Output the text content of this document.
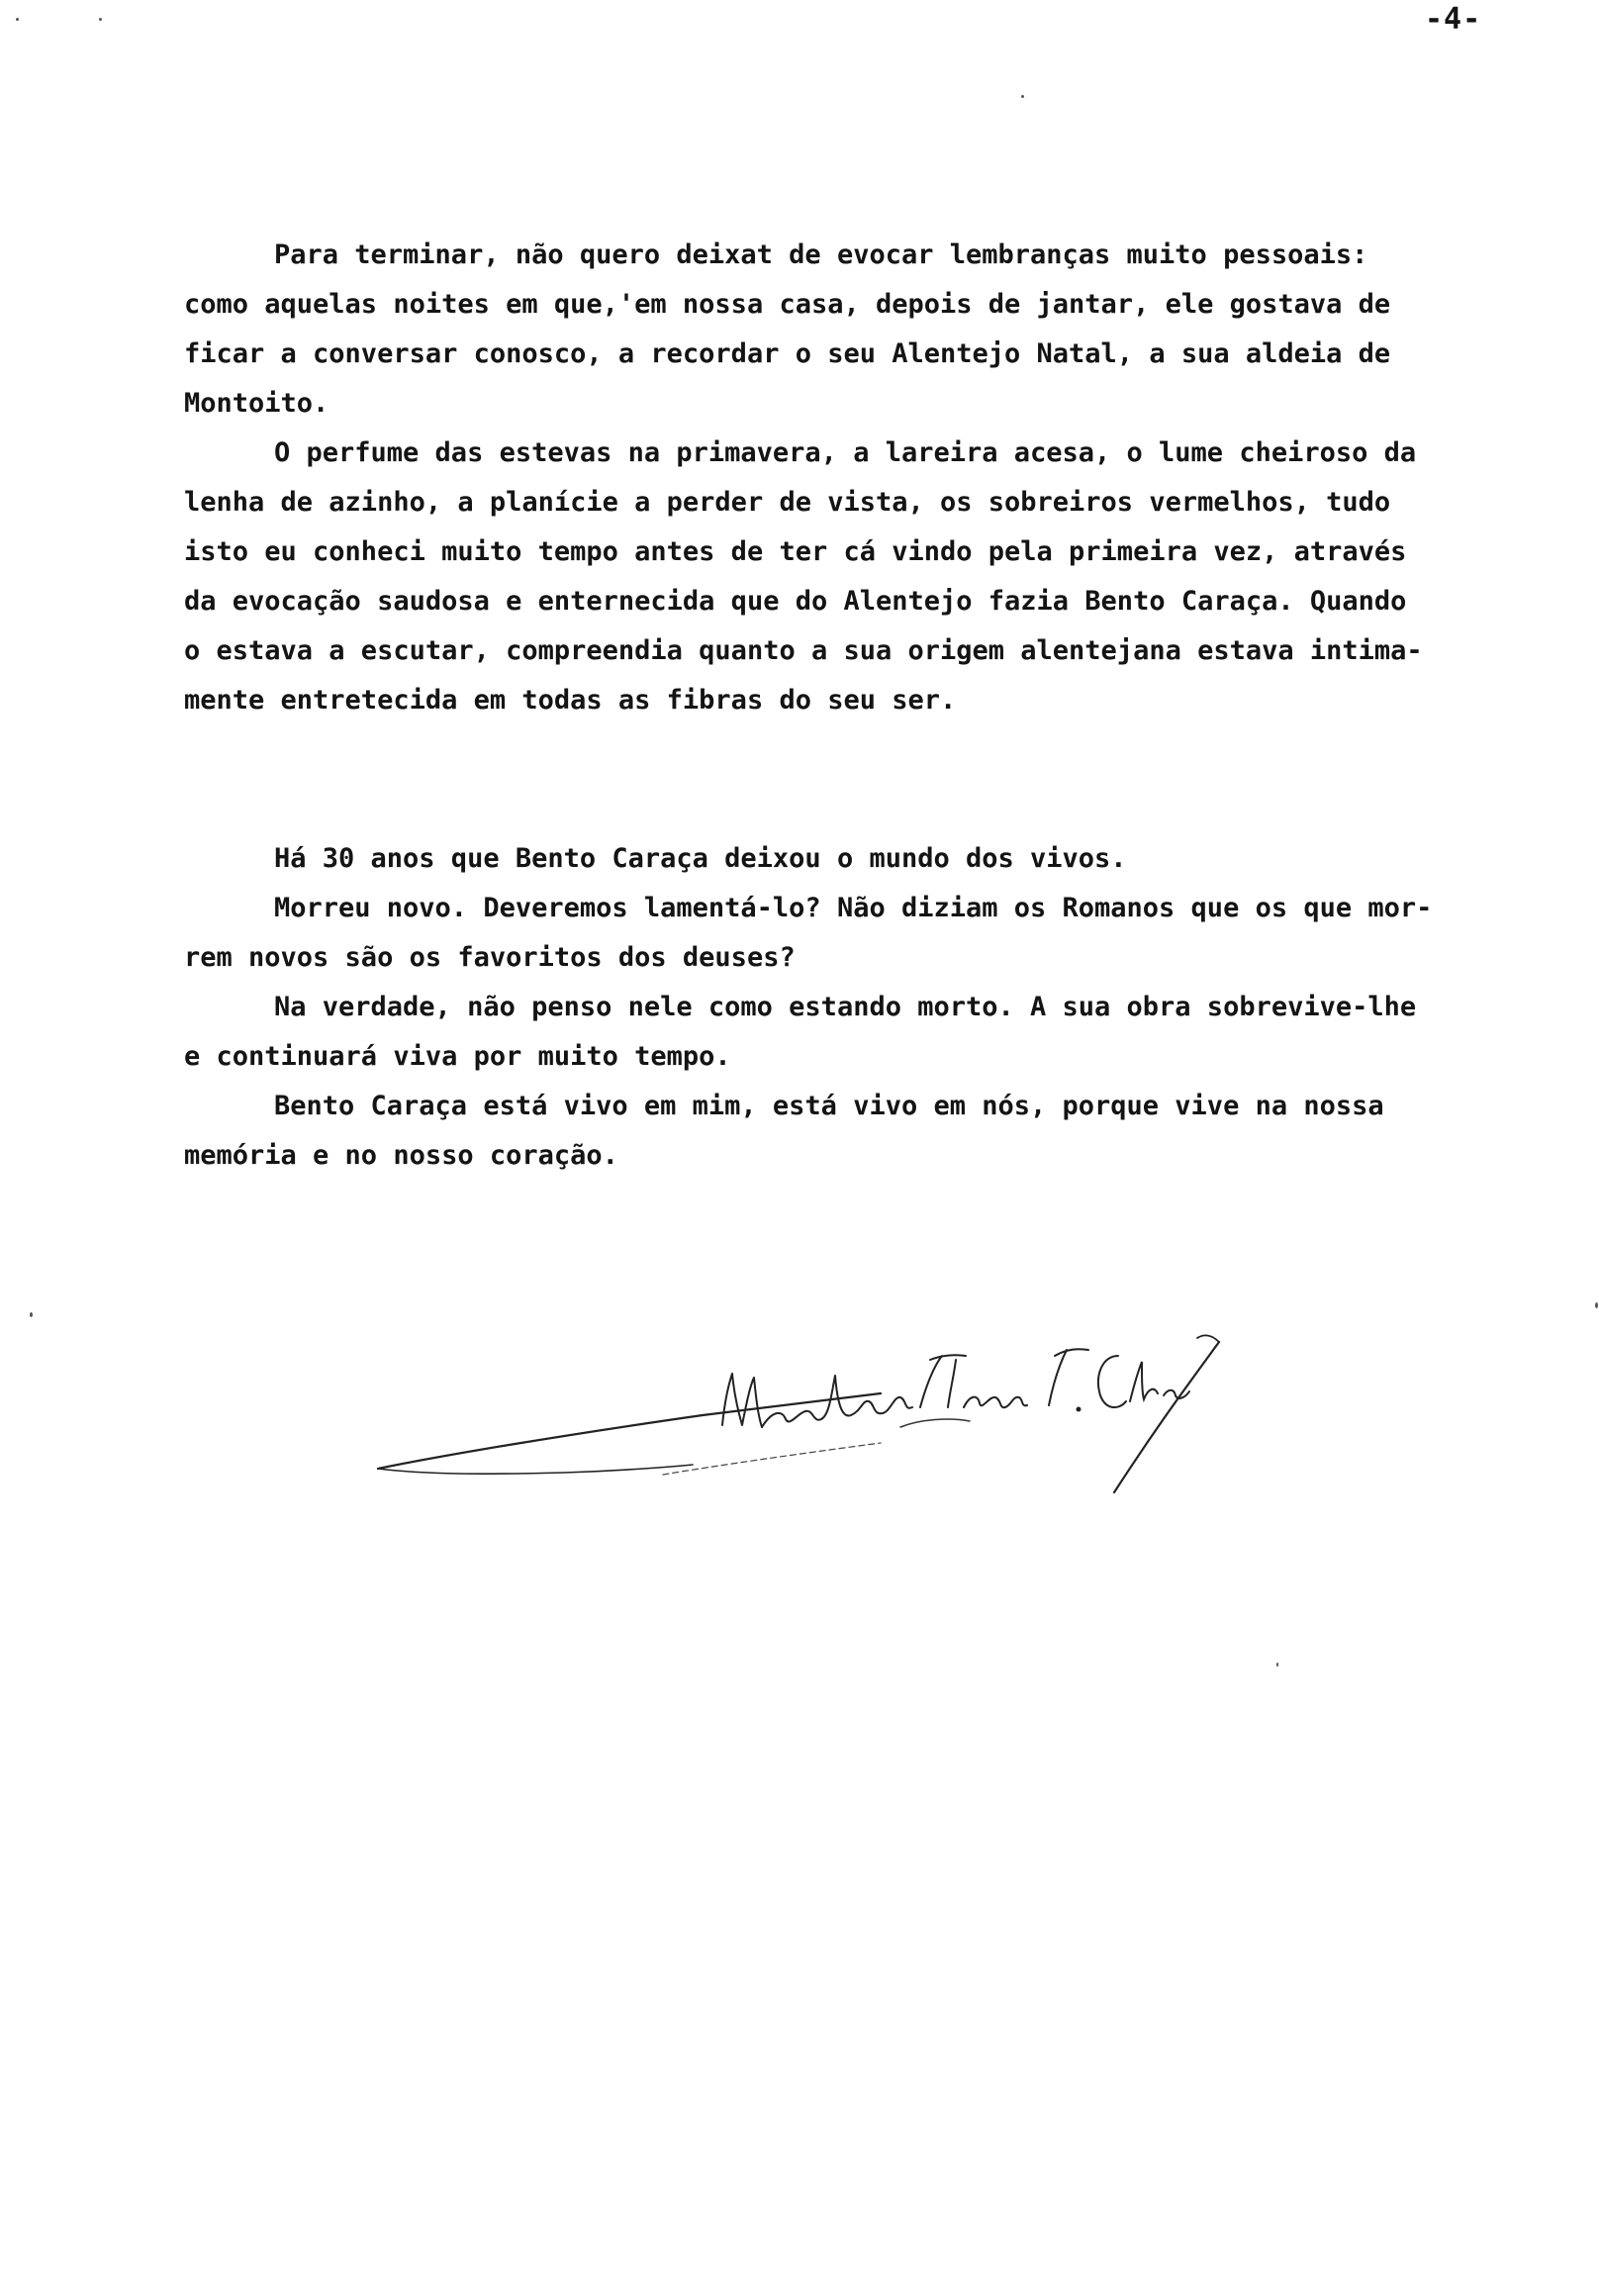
-4-
Para terminar, não quero deixat de evocar lembranças muito pessoais:
como aquelas noites em que,'em nossa casa, depois de jantar, ele gostava de
ficar a conversar conosco, a recordar o seu Alentejo Natal, a sua aldeia de
Montoito.
O perfume das estevas na primavera, a lareira acesa, o lume cheiroso da
lenha de azinho, a planície a perder de vista, os sobreiros vermelhos, tudo
isto eu conheci muito tempo antes de ter cá vindo pela primeira vez, através
da evocação saudosa e enternecida que do Alentejo fazia Bento Caraça. Quando
o estava a escutar, compreendia quanto a sua origem alentejana estava intima-
mente entretecida em todas as fibras do seu ser.
Há 30 anos que Bento Caraça deixou o mundo dos vivos.
Morreu novo. Deveremos lamentá-lo? Não diziam os Romanos que os que mor-
rem novos são os favoritos dos deuses?
Na verdade, não penso nele como estando morto. A sua obra sobrevive-lhe
e continuará viva por muito tempo.
Bento Caraça está vivo em mim, está vivo em nós, porque vive na nossa
memória e no nosso coração.
